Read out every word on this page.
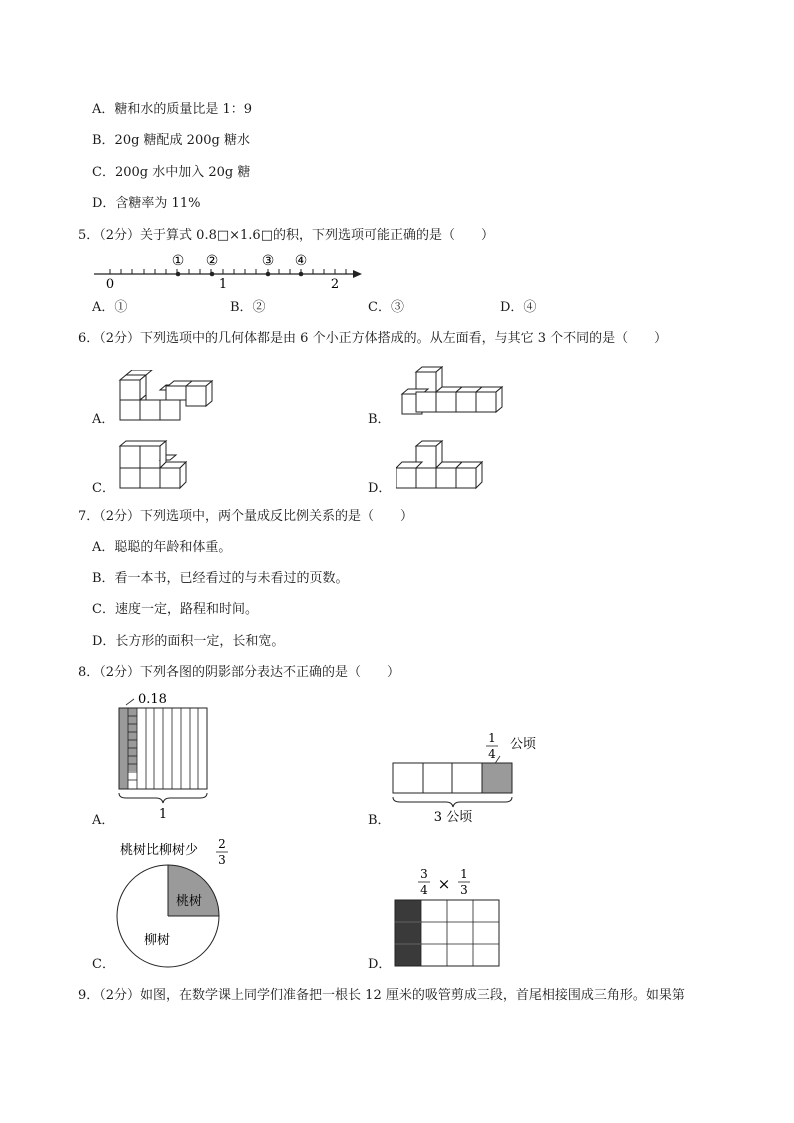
A．糖和水的质量比是 1：9
B．20g 糖配成 200g 糖水
C．200g 水中加入 20g 糖
D．含糖率为 11%
5．（2分）关于算式 0.8□×1.6□的积，下列选项可能正确的是（　　）
① ②	③ ④
0	1	2
A．①	B．②	C．③	D．④
6．（2分）下列选项中的几何体都是由 6 个小正方体搭成的。从左面看，与其它 3 个不同的是（　　）
A．	B．
C．	D．
7．（2分）下列选项中，两个量成反比例关系的是（　　）
A．聪聪的年龄和体重。
B．看一本书，已经看过的与未看过的页数。
C．速度一定，路程和时间。
D．长方形的面积一定，长和宽。
8．（2分）下列各图的阴影部分表达不正确的是（　　）
0.18
1
A．
1
4
公顷
3 公顷
B．
桃树比柳树少 2
3
桃树
柳树
C．
3
4 ×
1
3
D．
9．（2分）如图，在数学课上同学们准备把一根长 12 厘米的吸管剪成三段，首尾相接围成三角形。如果第
